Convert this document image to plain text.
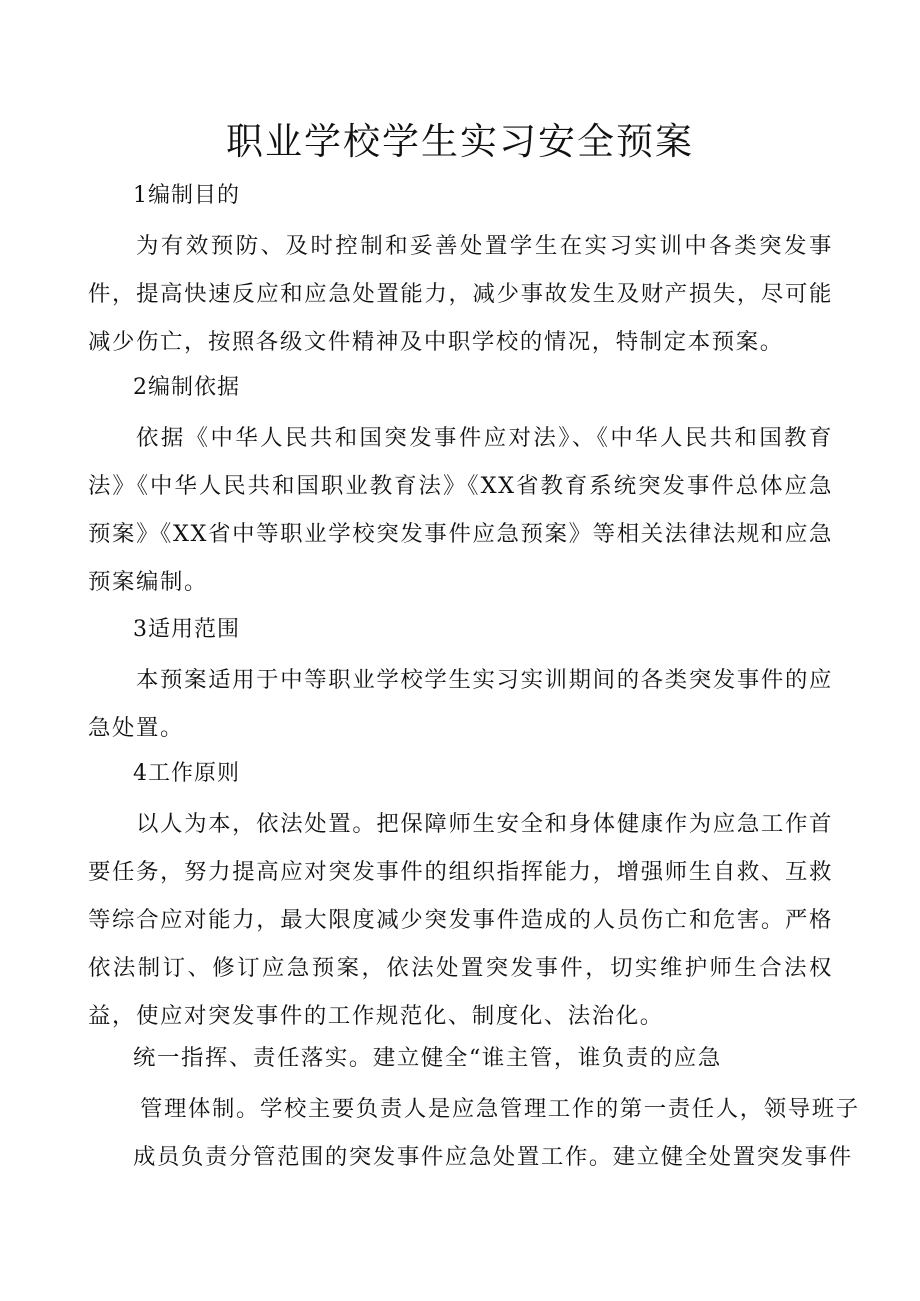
职业学校学生实习安全预案
1编制目的

为有效预防、及时控制和妥善处置学生在实习实训中各类突发事件，提高快速反应和应急处置能力，减少事故发生及财产损失，尽可能减少伤亡，按照各级文件精神及中职学校的情况，特制定本预案。

2编制依据

依据《中华人民共和国突发事件应对法》、《中华人民共和国教育法》《中华人民共和国职业教育法》《XX省教育系统突发事件总体应急预案》《XX省中等职业学校突发事件应急预案》等相关法律法规和应急预案编制。

3适用范围

本预案适用于中等职业学校学生实习实训期间的各类突发事件的应急处置。

4工作原则

以人为本，依法处置。把保障师生安全和身体健康作为应急工作首要任务，努力提高应对突发事件的组织指挥能力，增强师生自救、互救等综合应对能力，最大限度减少突发事件造成的人员伤亡和危害。严格依法制订、修订应急预案，依法处置突发事件，切实维护师生合法权益，使应对突发事件的工作规范化、制度化、法治化。

统一指挥、责任落实。建立健全“谁主管，谁负责的应急
管理体制。学校主要负责人是应急管理工作的第一责任人，领导班子
成员负责分管范围的突发事件应急处置工作。建立健全处置突发事件
